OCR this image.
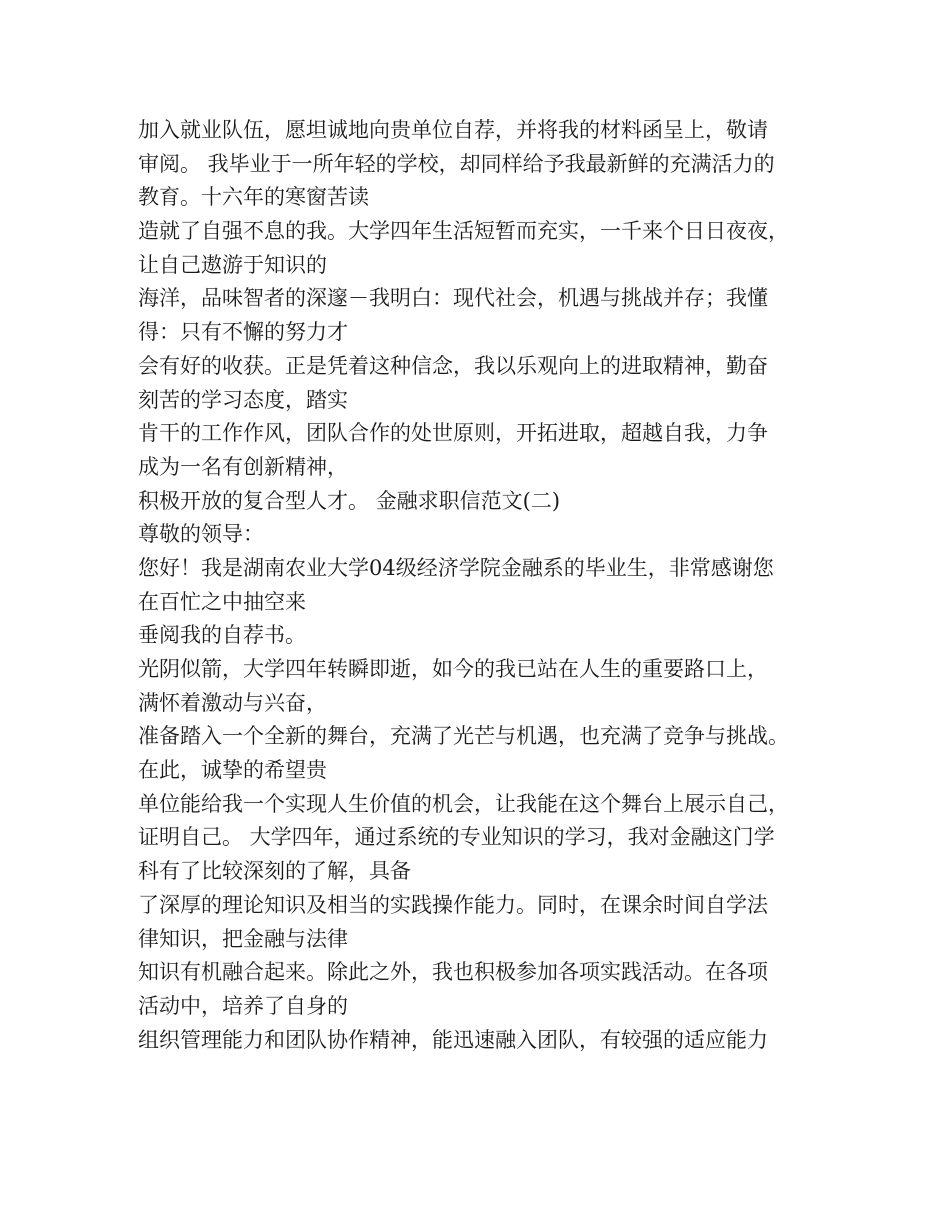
加入就业队伍，愿坦诚地向贵单位自荐，并将我的材料函呈上，敬请
审阅。 我毕业于一所年轻的学校，却同样给予我最新鲜的充满活力的
教育。十六年的寒窗苦读
造就了自强不息的我。大学四年生活短暂而充实，一千来个日日夜夜，
让自己遨游于知识的
海洋，品味智者的深邃－我明白：现代社会，机遇与挑战并存；我懂
得：只有不懈的努力才
会有好的收获。正是凭着这种信念，我以乐观向上的进取精神，勤奋
刻苦的学习态度，踏实
肯干的工作作风，团队合作的处世原则，开拓进取，超越自我，力争
成为一名有创新精神，
积极开放的复合型人才。 金融求职信范文(二)
尊敬的领导：
您好！我是湖南农业大学04级经济学院金融系的毕业生，非常感谢您
在百忙之中抽空来
垂阅我的自荐书。
光阴似箭，大学四年转瞬即逝，如今的我已站在人生的重要路口上，
满怀着激动与兴奋，
准备踏入一个全新的舞台，充满了光芒与机遇，也充满了竞争与挑战。
在此，诚挚的希望贵
单位能给我一个实现人生价值的机会，让我能在这个舞台上展示自己，
证明自己。 大学四年，通过系统的专业知识的学习，我对金融这门学
科有了比较深刻的了解，具备
了深厚的理论知识及相当的实践操作能力。同时，在课余时间自学法
律知识，把金融与法律
知识有机融合起来。除此之外，我也积极参加各项实践活动。在各项
活动中，培养了自身的
组织管理能力和团队协作精神，能迅速融入团队，有较强的适应能力
